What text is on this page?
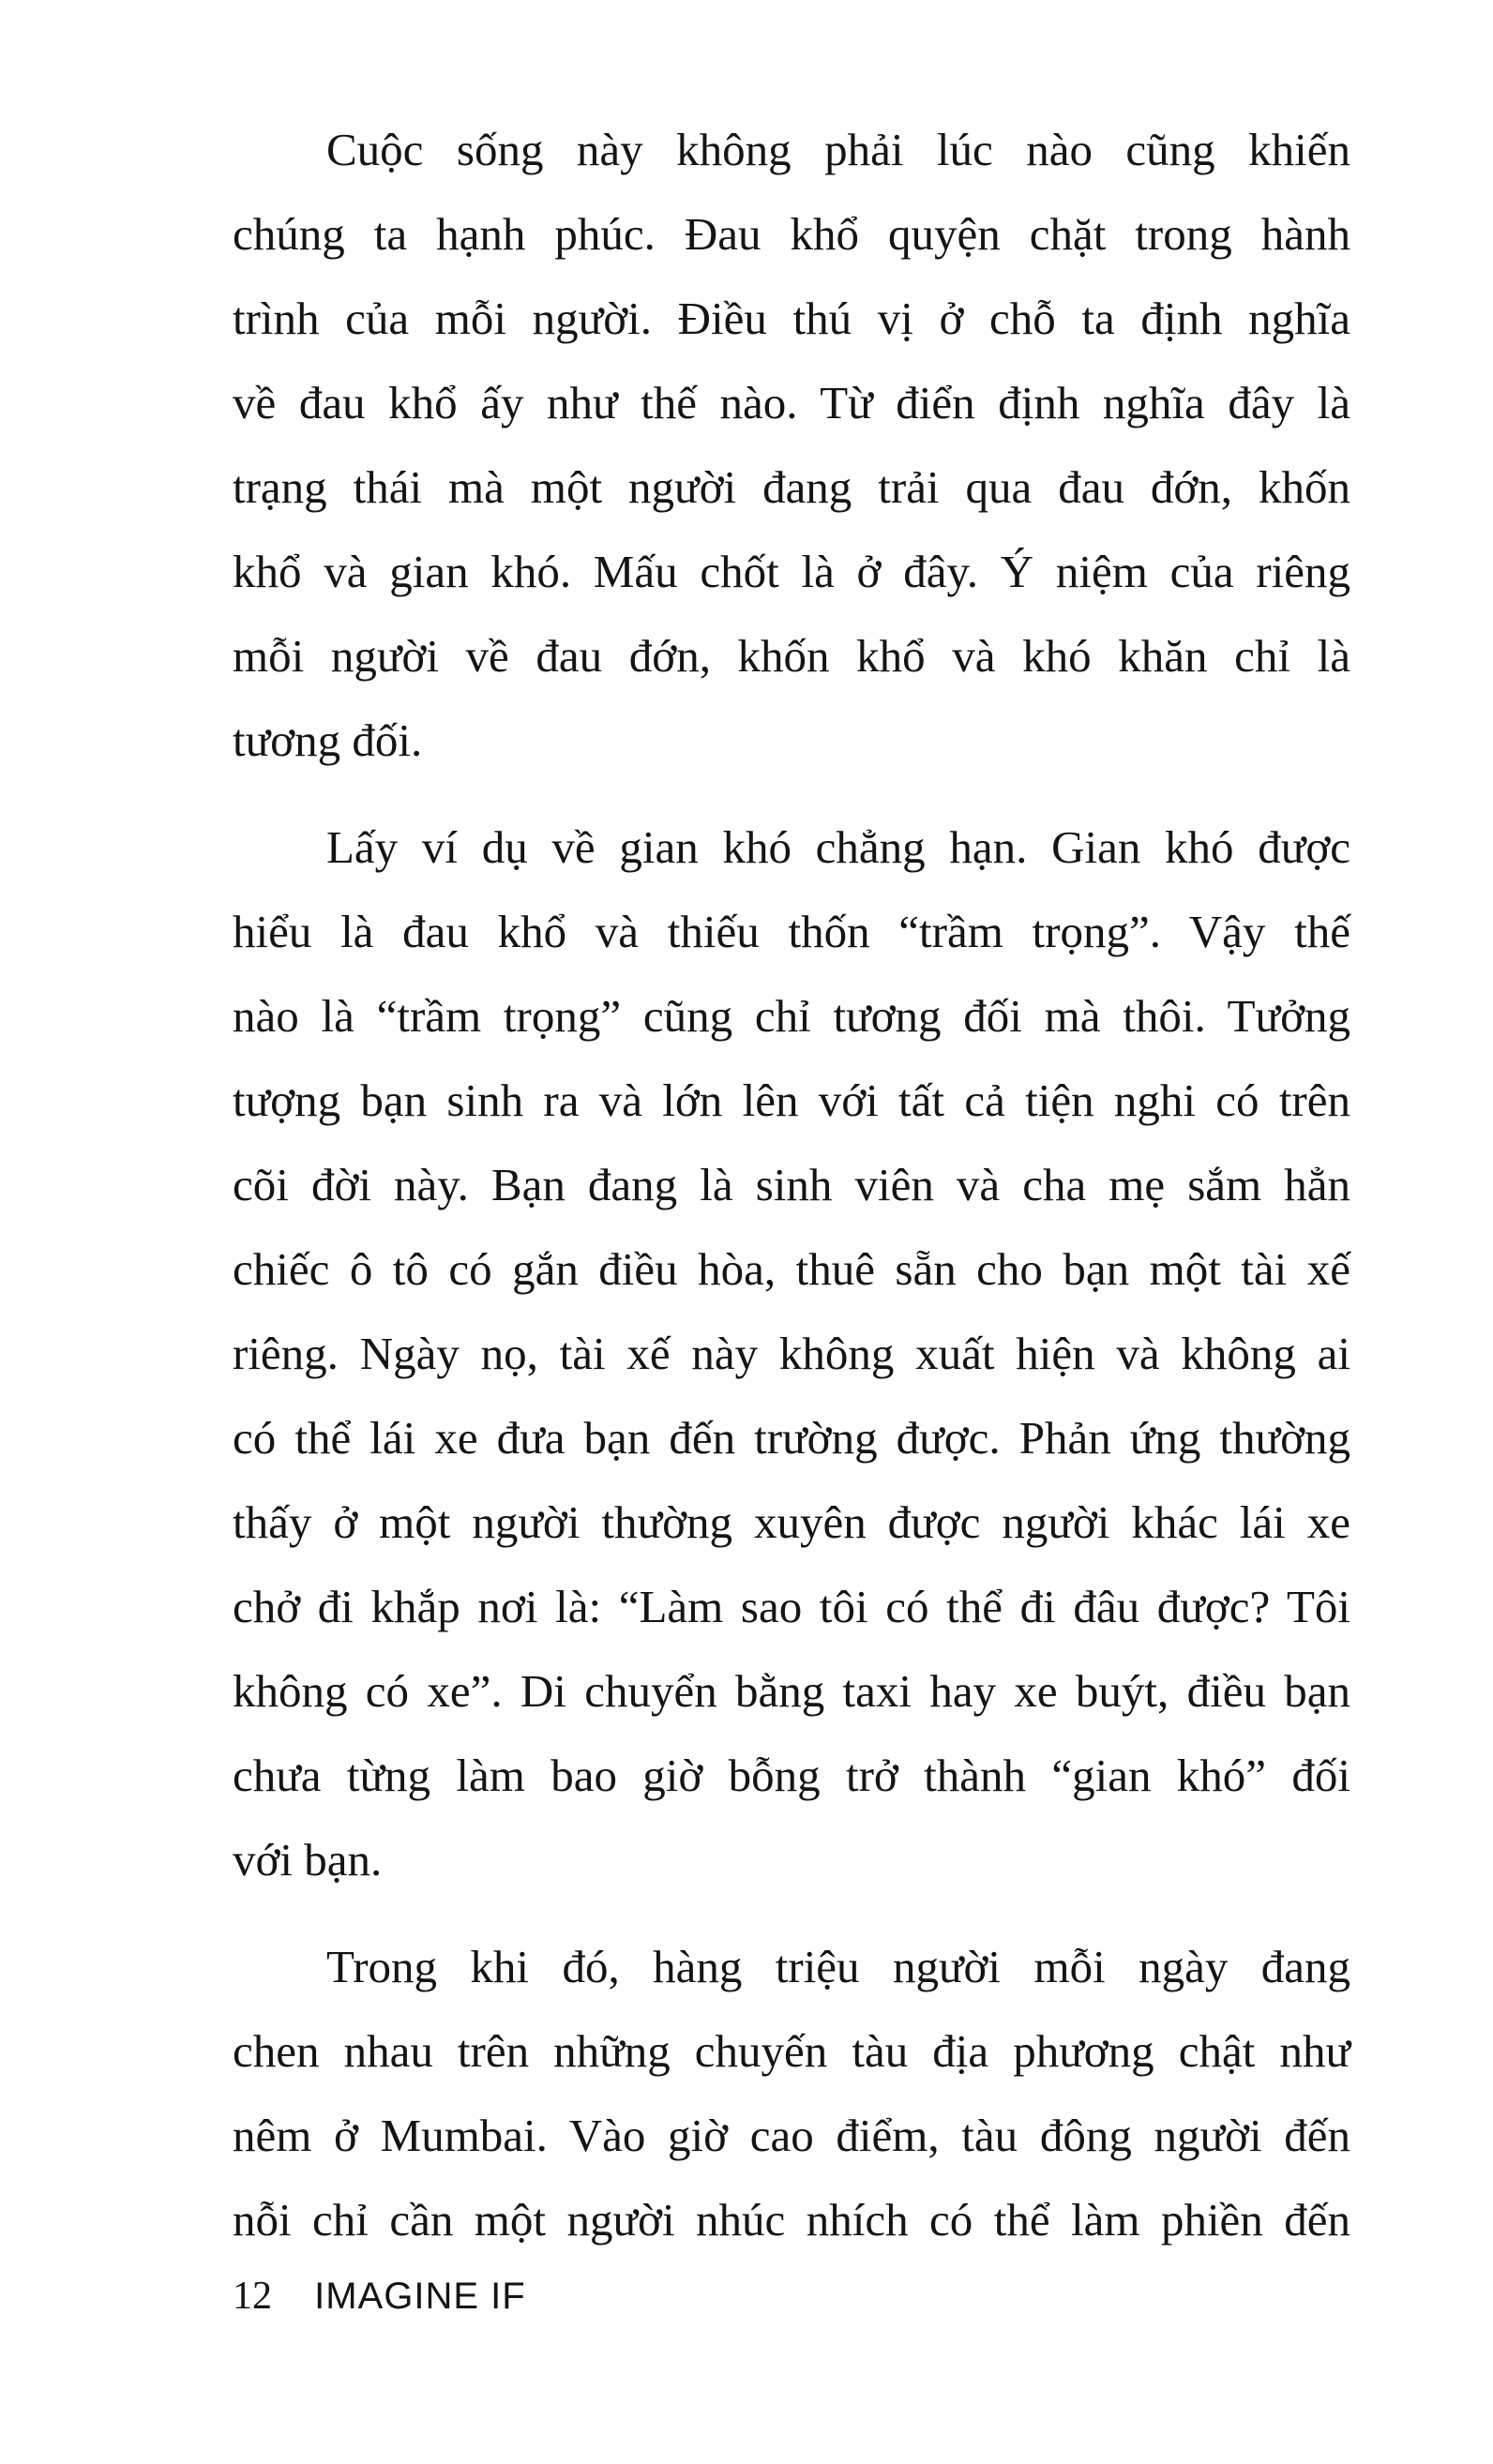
Cuộc sống này không phải lúc nào cũng khiến
chúng ta hạnh phúc. Đau khổ quyện chặt trong hành
trình của mỗi người. Điều thú vị ở chỗ ta định nghĩa
về đau khổ ấy như thế nào. Từ điển định nghĩa đây là
trạng thái mà một người đang trải qua đau đớn, khốn
khổ và gian khó. Mấu chốt là ở đây. Ý niệm của riêng
mỗi người về đau đớn, khốn khổ và khó khăn chỉ là
tương đối.
Lấy ví dụ về gian khó chẳng hạn. Gian khó được
hiểu là đau khổ và thiếu thốn “trầm trọng”. Vậy thế
nào là “trầm trọng” cũng chỉ tương đối mà thôi. Tưởng
tượng bạn sinh ra và lớn lên với tất cả tiện nghi có trên
cõi đời này. Bạn đang là sinh viên và cha mẹ sắm hẳn
chiếc ô tô có gắn điều hòa, thuê sẵn cho bạn một tài xế
riêng. Ngày nọ, tài xế này không xuất hiện và không ai
có thể lái xe đưa bạn đến trường được. Phản ứng thường
thấy ở một người thường xuyên được người khác lái xe
chở đi khắp nơi là: “Làm sao tôi có thể đi đâu được? Tôi
không có xe”. Di chuyển bằng taxi hay xe buýt, điều bạn
chưa từng làm bao giờ bỗng trở thành “gian khó” đối
với bạn.
Trong khi đó, hàng triệu người mỗi ngày đang
chen nhau trên những chuyến tàu địa phương chật như
nêm ở Mumbai. Vào giờ cao điểm, tàu đông người đến
nỗi chỉ cần một người nhúc nhích có thể làm phiền đến
12 IMAGINE IF
